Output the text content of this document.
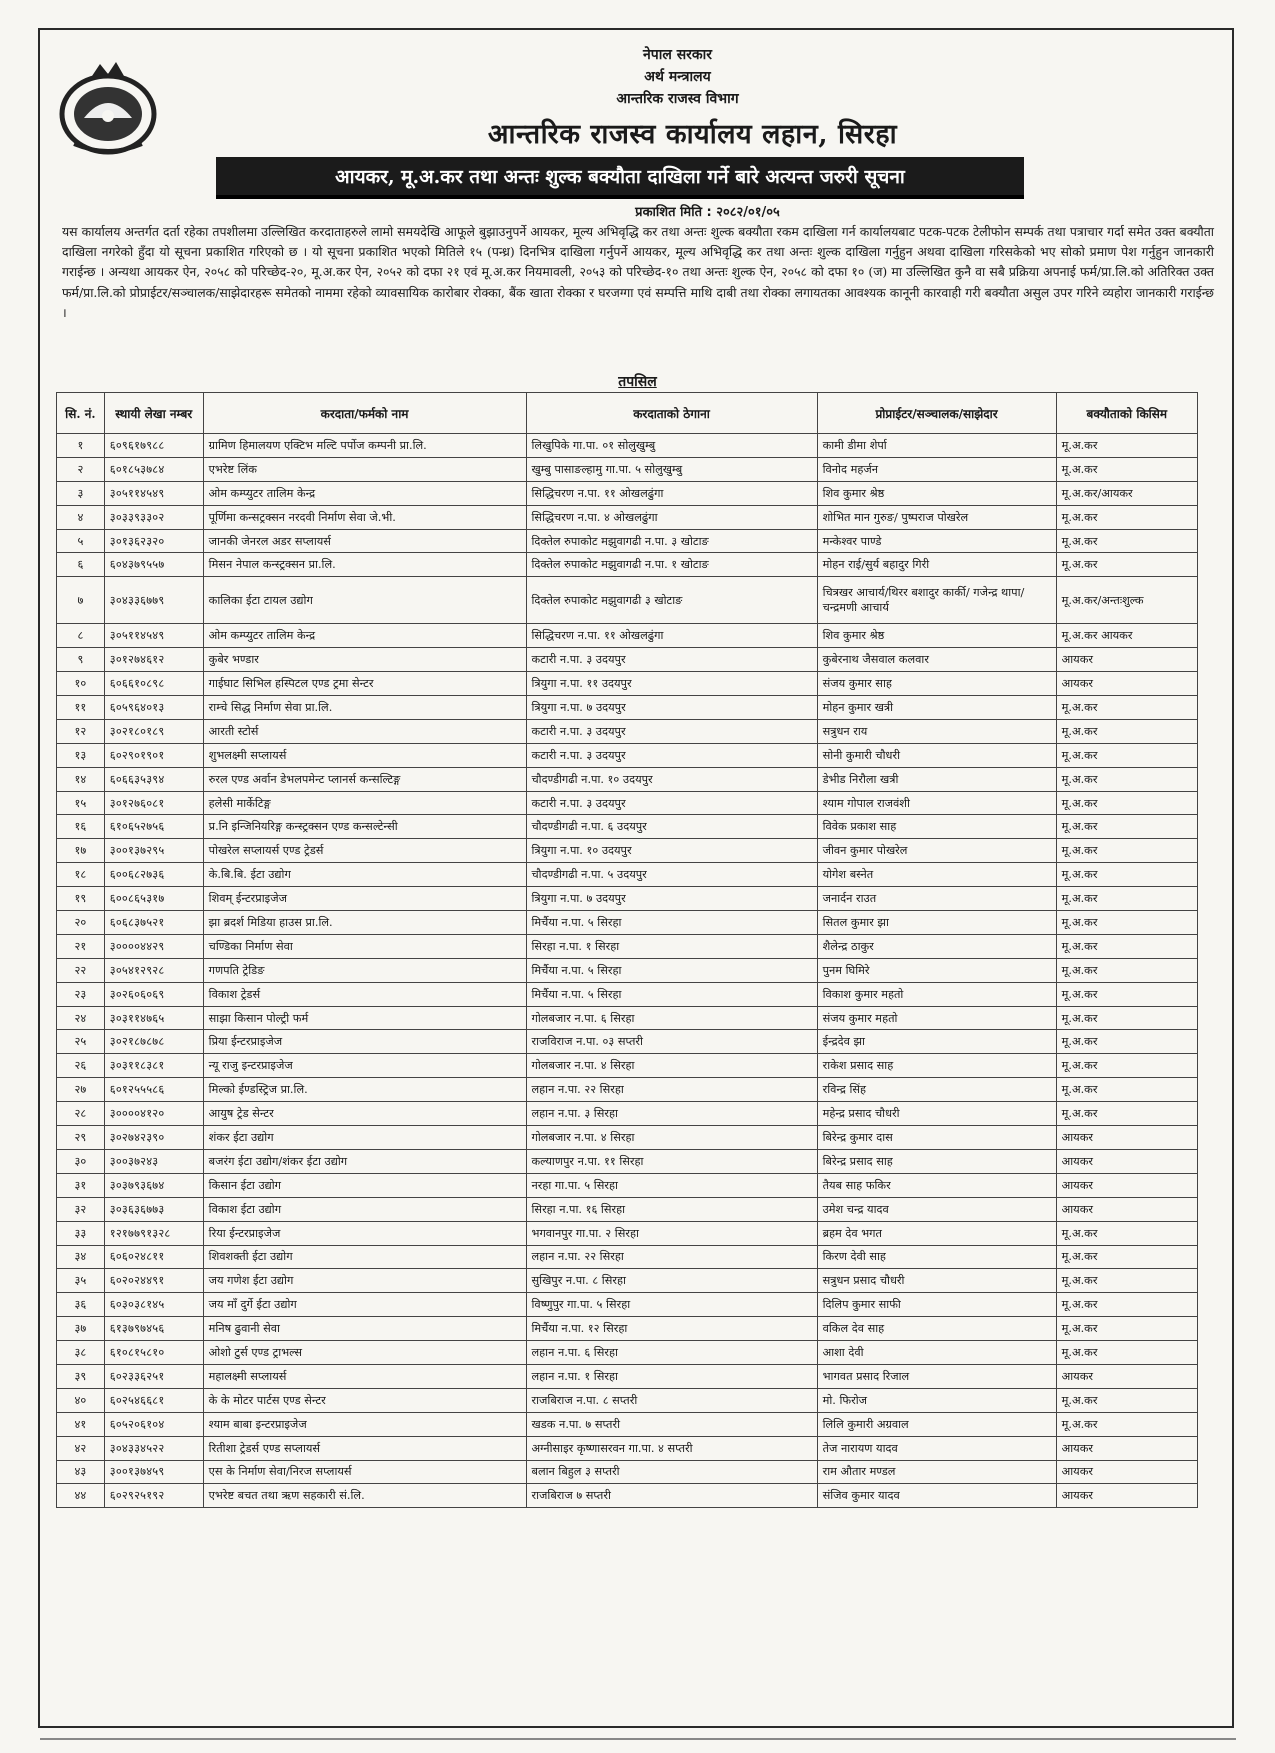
नेपाल सरकार
अर्थ मन्त्रालय
आन्तरिक राजस्व विभाग
आन्तरिक राजस्व कार्यालय लहान, सिरहा
आयकर, मू.अ.कर तथा अन्तः शुल्क बक्यौता दाखिला गर्ने बारे अत्यन्त जरुरी सूचना
प्रकाशित मिति : २०८२/०१/०५
यस कार्यालय अन्तर्गत दर्ता रहेका तपशीलमा उल्लिखित करदाताहरुले लामो समयदेखि आफूले बुझाउनुपर्ने आयकर, मूल्य अभिवृद्धि कर तथा अन्तः शुल्क बक्यौता रकम दाखिला गर्न कार्यालयबाट पटक-पटक टेलीफोन सम्पर्क तथा पत्राचार गर्दा समेत उक्त बक्यौता दाखिला नगरेको हुँदा यो सूचना प्रकाशित गरिएको छ । यो सूचना प्रकाशित भएको मितिले १५ (पन्ध्र) दिनभित्र दाखिला गर्नुपर्ने आयकर, मूल्य अभिवृद्धि कर तथा अन्तः शुल्क दाखिला गर्नुहुन अथवा दाखिला गरिसकेको भए सोको प्रमाण पेश गर्नुहुन जानकारी गराईन्छ । अन्यथा आयकर ऐन, २०५८ को परिच्छेद-२०, मू.अ.कर ऐन, २०५२ को दफा २१ एवं मू.अ.कर नियमावली, २०५३ को परिच्छेद-१० तथा अन्तः शुल्क ऐन, २०५८ को दफा १० (ज) मा उल्लिखित कुनै वा सबै प्रक्रिया अपनाई फर्म/प्रा.लि.को अतिरिक्त उक्त फर्म/प्रा.लि.को प्रोप्राईटर/सञ्चालक/साझेदारहरू समेतको नाममा रहेको व्यावसायिक कारोबार रोक्का, बैंक खाता रोक्का र घरजग्गा एवं सम्पत्ति माथि दाबी तथा रोक्का लगायतका आवश्यक कानूनी कारवाही गरी बक्यौता असुल उपर गरिने व्यहोरा जानकारी गराईन्छ ।
तपसिल
सि. नं.	स्थायी लेखा नम्बर	करदाता/फर्मको नाम	करदाताको ठेगाना	प्रोप्राईटर/सञ्चालक/साझेदार	बक्यौताको किसिम
१	६०९६१७९८८	ग्रामिण हिमालयण एक्टिभ मल्टि पर्पोज कम्पनी प्रा.लि.	लिखुपिके गा.पा. ०१ सोलुखुम्बु	कामी डीमा शेर्पा	मू.अ.कर
२	६०१८५३७८४	एभरेष्ट लिंक	खुम्बु पासाङल्हामु गा.पा. ५ सोलुखुम्बु	विनोद महर्जन	मू.अ.कर
३	३०५११४५४९	ओम कम्प्युटर तालिम केन्द्र	सिद्धिचरण न.पा. ११ ओखलढुंगा	शिव कुमार श्रेष्ठ	मू.अ.कर/आयकर
४	३०३३९३३०२	पूर्णिमा कन्सट्रक्सन नरदवी निर्माण सेवा जे.भी.	सिद्धिचरण न.पा. ४ ओखलढुंगा	शोभित मान गुरुङ/ पुष्पराज पोखरेल	मू.अ.कर
५	३०१३६२३२०	जानकी जेनरल अडर सप्लायर्स	दिक्तेल रुपाकोट मझुवागढी न.पा. ३ खोटाङ	मन्केश्वर पाण्डे	मू.अ.कर
६	६०४३७९५५७	मिसन नेपाल कन्स्ट्रक्सन प्रा.लि.	दिक्तेल रुपाकोट मझुवागढी न.पा. १ खोटाङ	मोहन राई/सुर्य बहादुर गिरी	मू.अ.कर
७	३०४३३६७७९	कालिका ईटा टायल उद्योग	दिक्तेल रुपाकोट मझुवागढी ३ खोटाङ	चित्रखर आचार्य/थिरर बशादुर कार्की/ गजेन्द्र थापा/ चन्द्रमणी आचार्य	मू.अ.कर/अन्तःशुल्क
८	३०५११४५४९	ओम कम्प्युटर तालिम केन्द्र	सिद्धिचरण न.पा. ११ ओखलढुंगा	शिव कुमार श्रेष्ठ	मू.अ.कर आयकर
९	३०१२७४६१२	कुबेर भण्डार	कटारी न.पा. ३ उदयपुर	कुबेरनाथ जैसवाल कलवार	आयकर
१०	६०६६१०८९८	गाईघाट सिभिल हस्पिटल एण्ड ट्रमा सेन्टर	त्रियुगा न.पा. ११ उदयपुर	संजय कुमार साह	आयकर
११	६०५९६४०१३	राम्चे सिद्ध निर्माण सेवा प्रा.लि.	त्रियुगा न.पा. ७ उदयपुर	मोहन कुमार खत्री	मू.अ.कर
१२	३०२१८०१८९	आरती स्टोर्स	कटारी न.पा. ३ उदयपुर	सत्रुधन राय	मू.अ.कर
१३	६०२९०१९०१	शुभलक्ष्मी सप्लायर्स	कटारी न.पा. ३ उदयपुर	सोनी कुमारी चौधरी	मू.अ.कर
१४	६०६६३५३९४	रुरल एण्ड अर्वान डेभलपमेन्ट प्लानर्स कन्सल्टिङ्ग	चौदण्डीगढी न.पा. १० उदयपुर	डेभीड निरौला खत्री	मू.अ.कर
१५	३०१२७६०८१	हलेसी मार्केटिङ्ग	कटारी न.पा. ३ उदयपुर	श्याम गोपाल राजवंशी	मू.अ.कर
१६	६१०६५२७५६	प्र.नि इन्जिनियरिङ्ग कन्स्ट्रक्सन एण्ड कन्सल्टेन्सी	चौदण्डीगढी न.पा. ६ उदयपुर	विवेक प्रकाश साह	मू.अ.कर
१७	३००१३७२९५	पोखरेल सप्लायर्स एण्ड ट्रेडर्स	त्रियुगा न.पा. १० उदयपुर	जीवन कुमार पोखरेल	मू.अ.कर
१८	६००६८२७३६	के.बि.बि. ईटा उद्योग	चौदण्डीगढी न.पा. ५ उदयपुर	योगेश बस्नेत	मू.अ.कर
१९	६००८६५३१७	शिवम् ईन्टरप्राइजेज	त्रियुगा न.पा. ७ उदयपुर	जनार्दन राउत	मू.अ.कर
२०	६०६८३७५२१	झा ब्रदर्श मिडिया हाउस प्रा.लि.	मिर्चैया न.पा. ५ सिरहा	सितल कुमार झा	मू.अ.कर
२१	३००००४४२९	चण्डिका निर्माण सेवा	सिरहा न.पा. १ सिरहा	शैलेन्द्र ठाकुर	मू.अ.कर
२२	३०५४१२९२८	गणपति ट्रेडिङ	मिर्चैया न.पा. ५ सिरहा	पुनम घिमिरे	मू.अ.कर
२३	३०२६०६०६९	विकाश ट्रेडर्स	मिर्चैया न.पा. ५ सिरहा	विकाश कुमार महतो	मू.अ.कर
२४	३०३११४७६५	साझा किसान पोल्ट्री फर्म	गोलबजार न.पा. ६ सिरहा	संजय कुमार महतो	मू.अ.कर
२५	३०२१८७८७८	प्रिया ईन्टरप्राइजेज	राजविराज न.पा. ०३ सप्तरी	ईन्द्रदेव झा	मू.अ.कर
२६	३०३११८३८१	न्यू राजु इन्टरप्राइजेज	गोलबजार न.पा. ४ सिरहा	राकेश प्रसाद साह	मू.अ.कर
२७	६०१२५५५८६	मिल्को ईण्डस्ट्रिज प्रा.लि.	लहान न.पा. २२ सिरहा	रविन्द्र सिंह	मू.अ.कर
२८	३००००४१२०	आयुष ट्रेड सेन्टर	लहान न.पा. ३ सिरहा	महेन्द्र प्रसाद चौधरी	मू.अ.कर
२९	३०२७४२३९०	शंकर ईटा उद्योग	गोलबजार न.पा. ४ सिरहा	बिरेन्द्र कुमार दास	आयकर
३०	३००३७२४३	बजरंग ईटा उद्योग/शंकर ईटा उद्योग	कल्याणपुर न.पा. ११ सिरहा	बिरेन्द्र प्रसाद साह	आयकर
३१	३०३७९३६७४	किसान ईटा उद्योग	नरहा गा.पा. ५ सिरहा	तैयब साह फकिर	आयकर
३२	३०३६३६७७३	विकाश ईटा उद्योग	सिरहा न.पा. १६ सिरहा	उमेश चन्द्र यादव	आयकर
३३	१२१७७९१३२८	रिया ईन्टरप्राइजेज	भगवानपुर गा.पा. २ सिरहा	ब्रहम देव भगत	मू.अ.कर
३४	६०६०२४८११	शिवशक्ती ईटा उद्योग	लहान न.पा. २२ सिरहा	किरण देवी साह	मू.अ.कर
३५	६०२०२४४९१	जय गणेश ईटा उद्योग	सुखिपुर न.पा. ८ सिरहा	सत्रुधन प्रसाद चौधरी	मू.अ.कर
३६	६०३०३८१४५	जय माँ दुर्गे ईटा उद्योग	विष्णुपुर गा.पा. ५ सिरहा	दिलिप कुमार साफी	मू.अ.कर
३७	६१३७९७४५६	मनिष ढुवानी सेवा	मिर्चैया न.पा. १२ सिरहा	वकिल देव साह	मू.अ.कर
३८	६१०८१५८१०	ओशो टुर्स एण्ड ट्राभल्स	लहान न.पा. ६ सिरहा	आशा देवी	मू.अ.कर
३९	६०२३३६२५१	महालक्ष्मी सप्लायर्स	लहान न.पा. १ सिरहा	भागवत प्रसाद रिजाल	आयकर
४०	६०२५४६६८१	के के मोटर पार्टस एण्ड सेन्टर	राजबिराज न.पा. ८ सप्तरी	मो. फिरोज	मू.अ.कर
४१	६०५२०६१०४	श्याम बाबा इन्टरप्राइजेज	खडक न.पा. ७ सप्तरी	लिलि कुमारी अग्रवाल	मू.अ.कर
४२	३०४३३४५२२	रितीशा ट्रेडर्स एण्ड सप्लायर्स	अग्नीसाइर कृष्णासरवन गा.पा. ४ सप्तरी	तेज नारायण यादव	आयकर
४३	३००१३७४५९	एस के निर्माण सेवा/निरज सप्लायर्स	बलान बिहुल ३ सप्तरी	राम औतार मण्डल	आयकर
४४	६०२९२५१९२	एभरेष्ट बचत तथा ऋण सहकारी सं.लि.	राजबिराज ७ सप्तरी	संजिव कुमार यादव	आयकर
